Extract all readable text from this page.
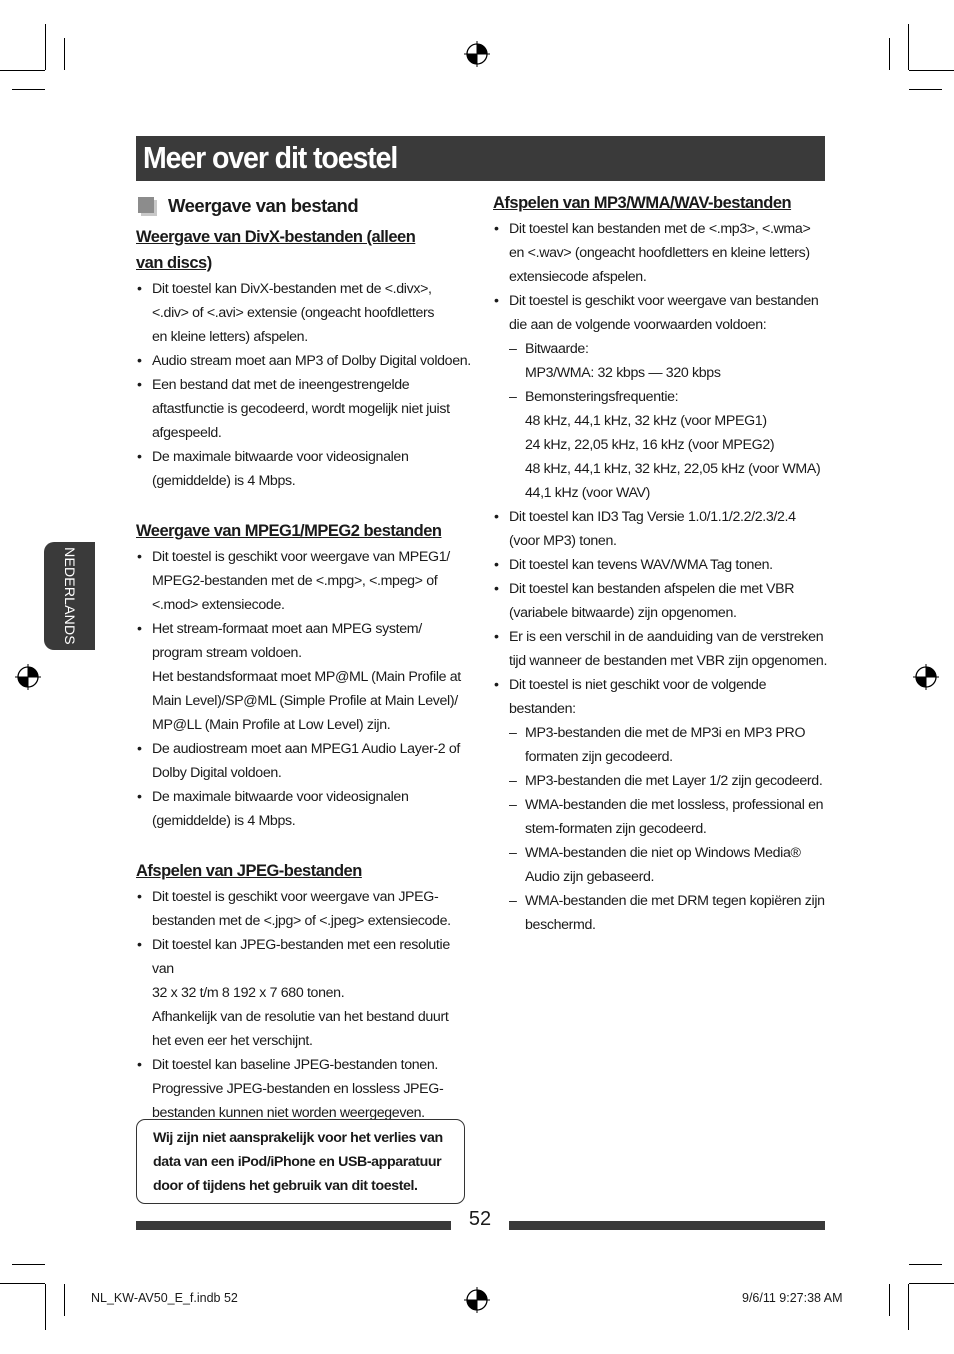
Meer over dit toestel
NEDERLANDS
Weergave van bestand
Weergave van DivX-bestanden (alleen
van discs)
• Dit toestel kan DivX-bestanden met de <.divx>,
<.div> of <.avi> extensie (ongeacht hoofdletters
en kleine letters) afspelen.
• Audio stream moet aan MP3 of Dolby Digital voldoen.
• Een bestand dat met de ineengestrengelde
aftastfunctie is gecodeerd, wordt mogelijk niet juist
afgespeeld.
• De maximale bitwaarde voor videosignalen
(gemiddelde) is 4 Mbps.
Weergave van MPEG1/MPEG2 bestanden
• Dit toestel is geschikt voor weergave van MPEG1/
MPEG2-bestanden met de <.mpg>, <.mpeg> of
<.mod> extensiecode.
• Het stream-formaat moet aan MPEG system/
program stream voldoen.
Het bestandsformaat moet MP@ML (Main Profile at
Main Level)/SP@ML (Simple Profile at Main Level)/
MP@LL (Main Profile at Low Level) zijn.
• De audiostream moet aan MPEG1 Audio Layer-2 of
Dolby Digital voldoen.
• De maximale bitwaarde voor videosignalen
(gemiddelde) is 4 Mbps.
Afspelen van JPEG-bestanden
• Dit toestel is geschikt voor weergave van JPEG-
bestanden met de <.jpg> of <.jpeg> extensiecode.
• Dit toestel kan JPEG-bestanden met een resolutie van
32 x 32 t/m 8 192 x 7 680 tonen.
Afhankelijk van de resolutie van het bestand duurt
het even eer het verschijnt.
• Dit toestel kan baseline JPEG-bestanden tonen.
Progressive JPEG-bestanden en lossless JPEG-
bestanden kunnen niet worden weergegeven.
Wij zijn niet aansprakelijk voor het verlies van
data van een iPod/iPhone en USB-apparatuur
door of tijdens het gebruik van dit toestel.
Afspelen van MP3/WMA/WAV-bestanden
• Dit toestel kan bestanden met de <.mp3>, <.wma>
en <.wav> (ongeacht hoofdletters en kleine letters)
extensiecode afspelen.
• Dit toestel is geschikt voor weergave van bestanden
die aan de volgende voorwaarden voldoen:
– Bitwaarde:
MP3/WMA: 32 kbps — 320 kbps
– Bemonsteringsfrequentie:
48 kHz, 44,1 kHz, 32 kHz (voor MPEG1)
24 kHz, 22,05 kHz, 16 kHz (voor MPEG2)
48 kHz, 44,1 kHz, 32 kHz, 22,05 kHz (voor WMA)
44,1 kHz (voor WAV)
• Dit toestel kan ID3 Tag Versie 1.0/1.1/2.2/2.3/2.4
(voor MP3) tonen.
• Dit toestel kan tevens WAV/WMA Tag tonen.
• Dit toestel kan bestanden afspelen die met VBR
(variabele bitwaarde) zijn opgenomen.
• Er is een verschil in de aanduiding van de verstreken
tijd wanneer de bestanden met VBR zijn opgenomen.
• Dit toestel is niet geschikt voor de volgende
bestanden:
– MP3-bestanden die met de MP3i en MP3 PRO
formaten zijn gecodeerd.
– MP3-bestanden die met Layer 1/2 zijn gecodeerd.
– WMA-bestanden die met lossless, professional en
stem-formaten zijn gecodeerd.
– WMA-bestanden die niet op Windows Media®
Audio zijn gebaseerd.
– WMA-bestanden die met DRM tegen kopiëren zijn
beschermd.
52
NL_KW-AV50_E_f.indb 52	9/6/11 9:27:38 AM
